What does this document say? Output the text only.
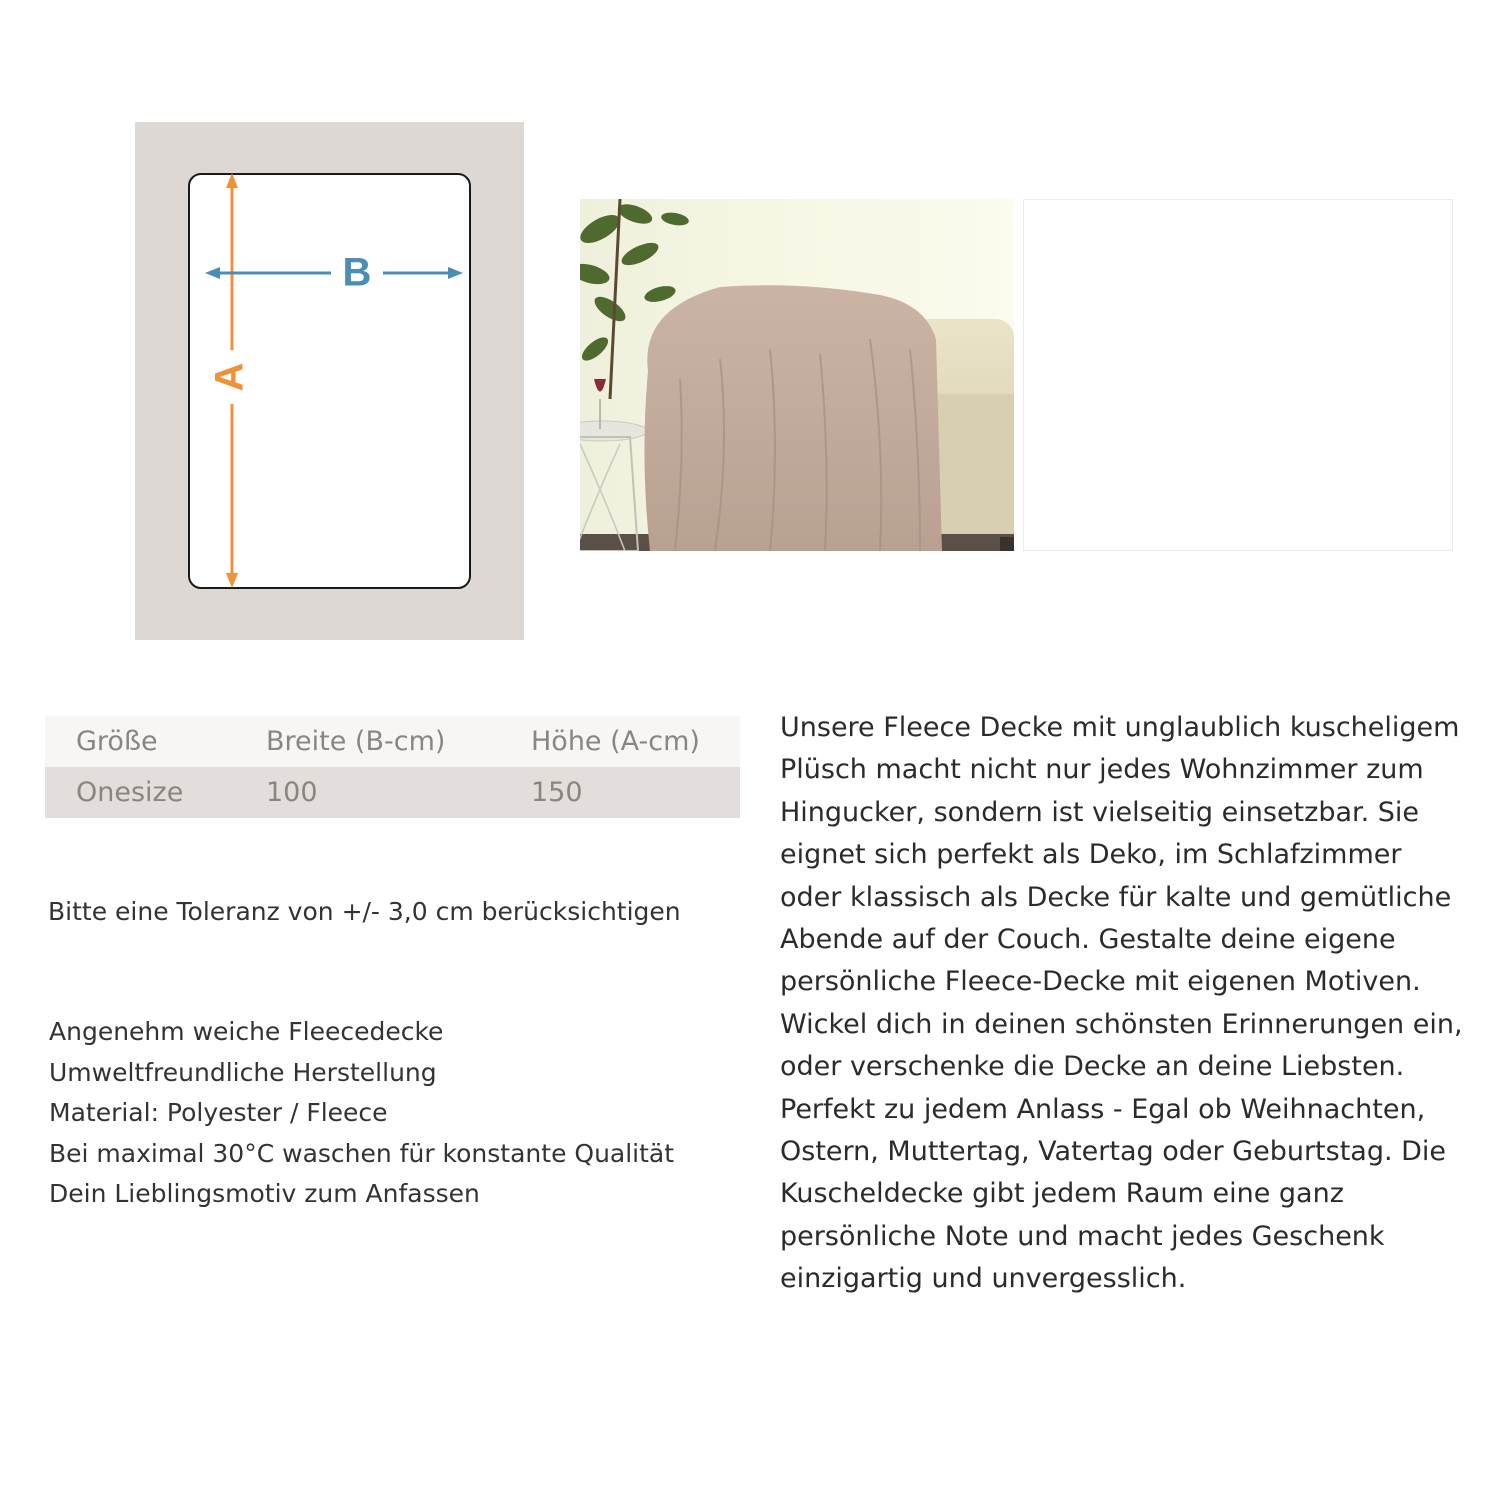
A
B
Größe	Breite (B-cm)	Höhe (A-cm)
Onesize	100	150

Bitte eine Toleranz von +/- 3,0 cm berücksichtigen

Angenehm weiche Fleecedecke
Umweltfreundliche Herstellung
Material: Polyester / Fleece
Bei maximal 30°C waschen für konstante Qualität
Dein Lieblingsmotiv zum Anfassen

Unsere Fleece Decke mit unglaublich kuscheligem Plüsch macht nicht nur jedes Wohnzimmer zum Hingucker, sondern ist vielseitig einsetzbar. Sie eignet sich perfekt als Deko, im Schlafzimmer oder klassisch als Decke für kalte und gemütliche Abende auf der Couch. Gestalte deine eigene persönliche Fleece-Decke mit eigenen Motiven. Wickel dich in deinen schönsten Erinnerungen ein, oder verschenke die Decke an deine Liebsten. Perfekt zu jedem Anlass - Egal ob Weihnachten, Ostern, Muttertag, Vatertag oder Geburtstag. Die Kuscheldecke gibt jedem Raum eine ganz persönliche Note und macht jedes Geschenk einzigartig und unvergesslich.
